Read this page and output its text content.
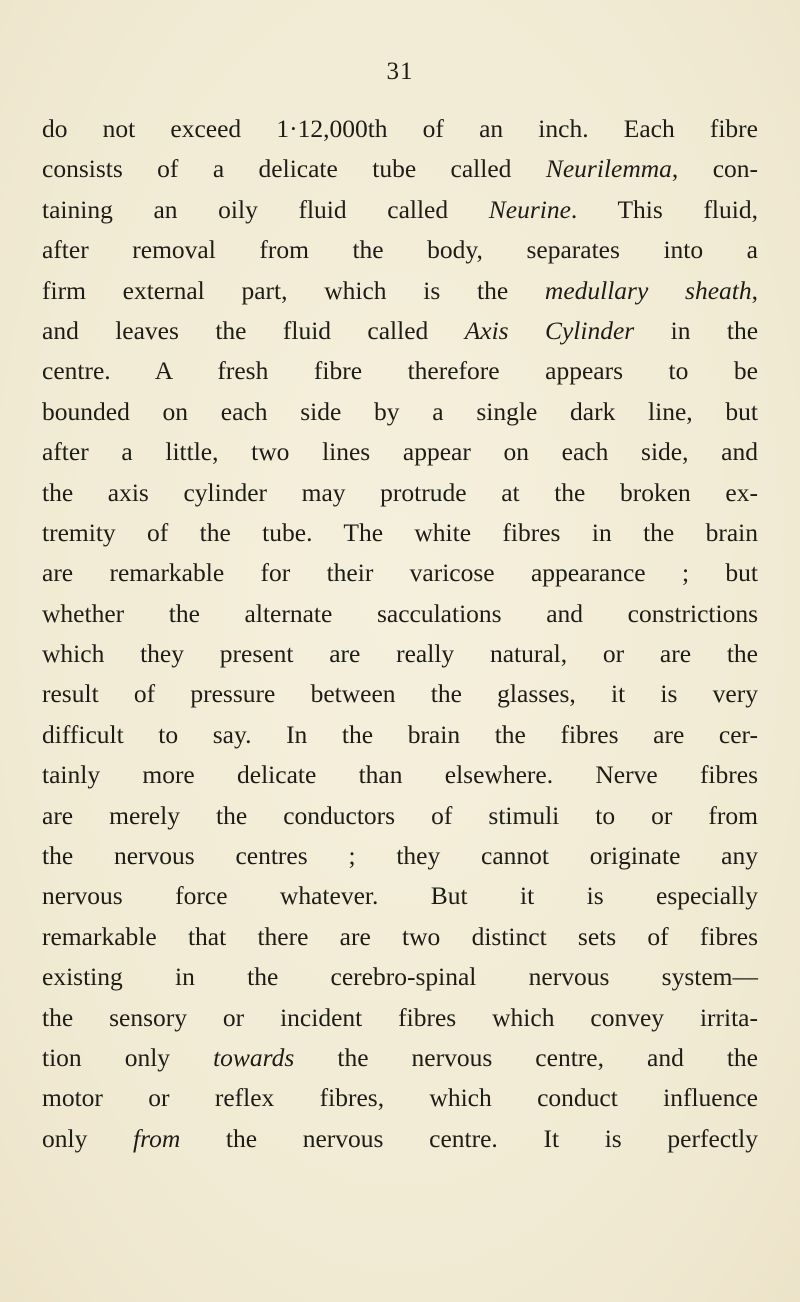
31
do not exceed 1·12,000th of an inch. Each fibre
consists of a delicate tube called Neurilemma, con-
taining an oily fluid called Neurine. This fluid,
after removal from the body, separates into a
firm external part, which is the medullary sheath,
and leaves the fluid called Axis Cylinder in the
centre. A fresh fibre therefore appears to be
bounded on each side by a single dark line, but
after a little, two lines appear on each side, and
the axis cylinder may protrude at the broken ex-
tremity of the tube. The white fibres in the brain
are remarkable for their varicose appearance ; but
whether the alternate sacculations and constrictions
which they present are really natural, or are the
result of pressure between the glasses, it is very
difficult to say. In the brain the fibres are cer-
tainly more delicate than elsewhere. Nerve fibres
are merely the conductors of stimuli to or from
the nervous centres ; they cannot originate any
nervous force whatever. But it is especially
remarkable that there are two distinct sets of fibres
existing in the cerebro-spinal nervous system—
the sensory or incident fibres which convey irrita-
tion only towards the nervous centre, and the
motor or reflex fibres, which conduct influence
only from the nervous centre. It is perfectly
